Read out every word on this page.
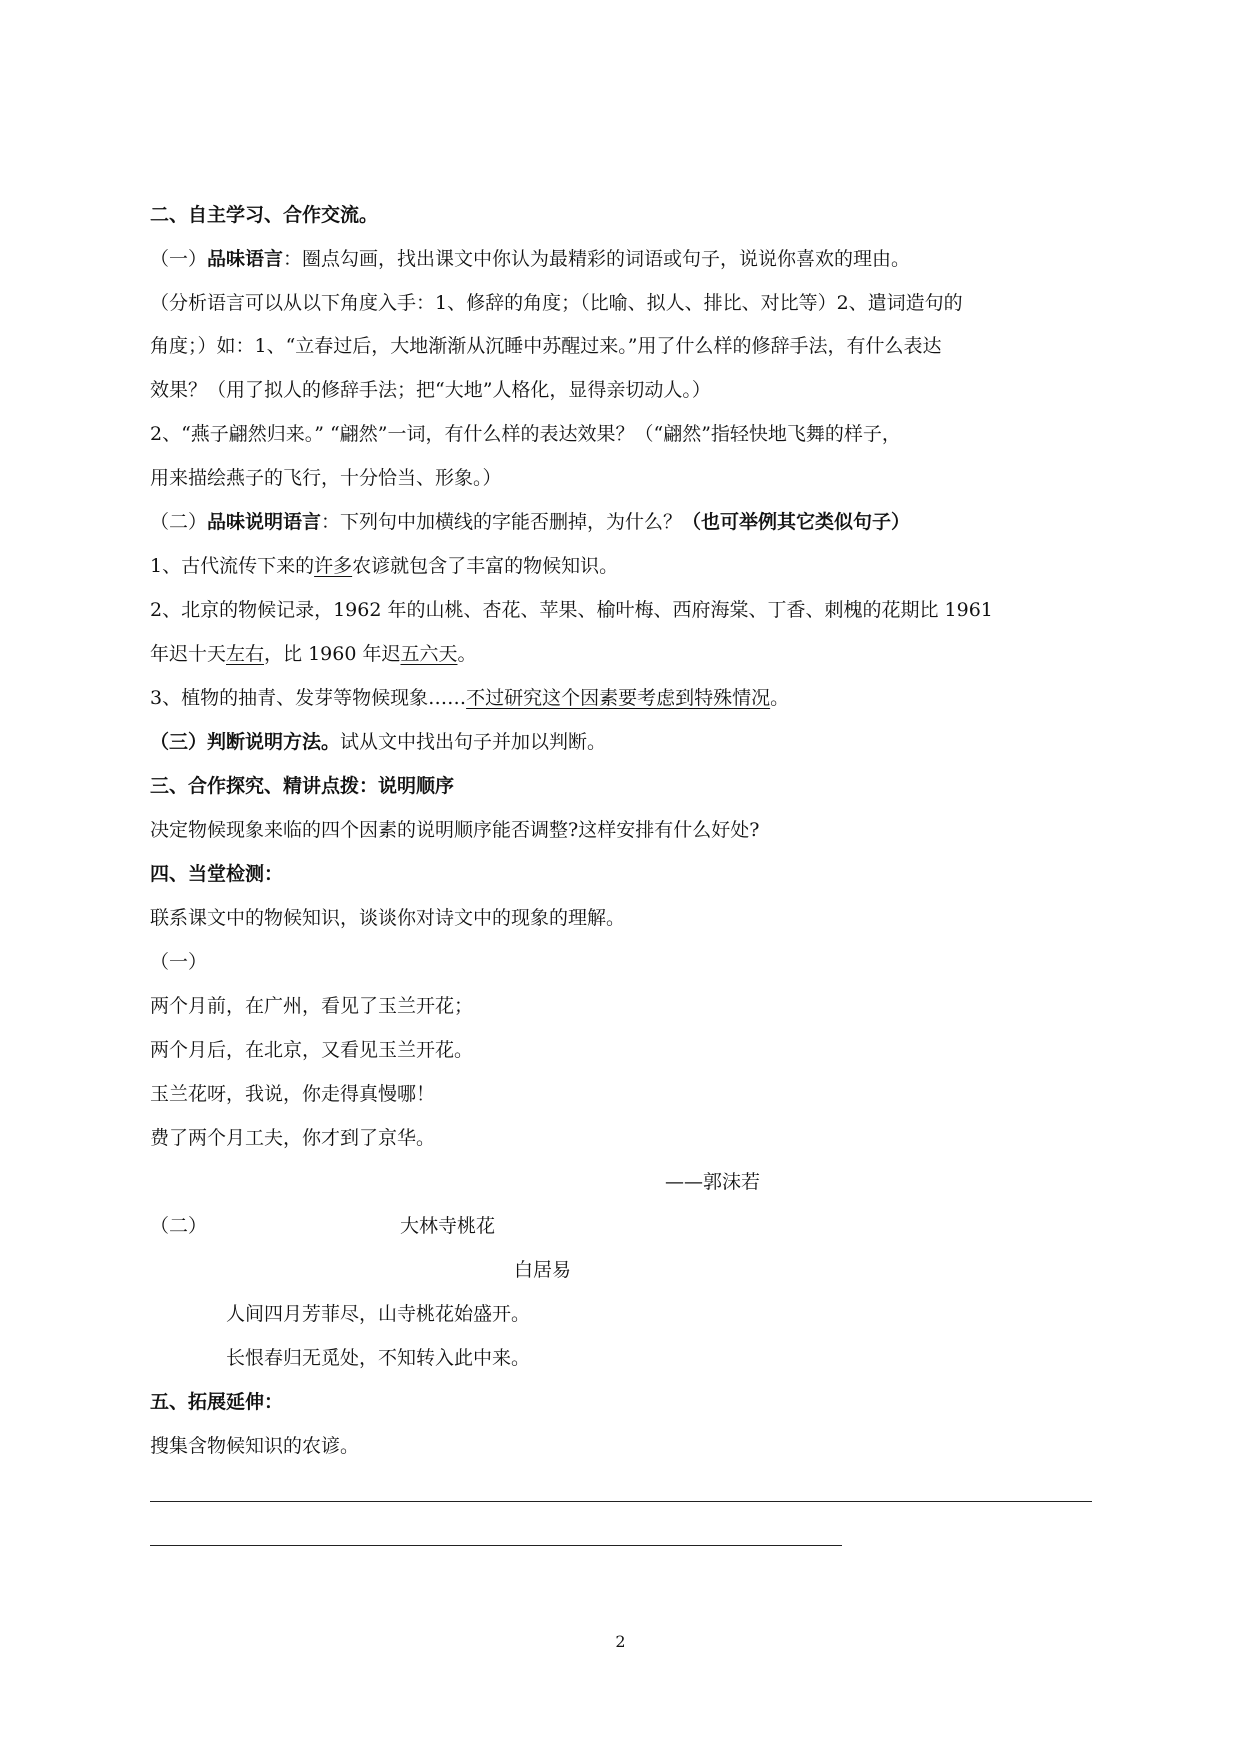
二、自主学习、合作交流。
（一）品味语言：圈点勾画，找出课文中你认为最精彩的词语或句子，说说你喜欢的理由。
（分析语言可以从以下角度入手：1、修辞的角度；（比喻、拟人、排比、对比等）2、遣词造句的
角度；）如：1、“立春过后，大地渐渐从沉睡中苏醒过来。”用了什么样的修辞手法，有什么表达
效果？（用了拟人的修辞手法；把“大地”人格化，显得亲切动人。）
2、“燕子翩然归来。” “翩然”一词，有什么样的表达效果？（“翩然”指轻快地飞舞的样子，
用来描绘燕子的飞行，十分恰当、形象。）
（二）品味说明语言：下列句中加横线的字能否删掉，为什么？（也可举例其它类似句子）
1、古代流传下来的许多农谚就包含了丰富的物候知识。
2、北京的物候记录，1962 年的山桃、杏花、苹果、榆叶梅、西府海棠、丁香、刺槐的花期比 1961
年迟十天左右，比 1960 年迟五六天。
3、植物的抽青、发芽等物候现象……不过研究这个因素要考虑到特殊情况。
（三）判断说明方法。试从文中找出句子并加以判断。
三、合作探究、精讲点拨：说明顺序
决定物候现象来临的四个因素的说明顺序能否调整?这样安排有什么好处?
四、当堂检测：
联系课文中的物候知识，谈谈你对诗文中的现象的理解。
（一）
两个月前，在广州，看见了玉兰开花；
两个月后，在北京，又看见玉兰开花。
玉兰花呀，我说，你走得真慢哪！
费了两个月工夫，你才到了京华。
——郭沫若
（二）	大林寺桃花
白居易
人间四月芳菲尽，山寺桃花始盛开。
长恨春归无觅处，不知转入此中来。
五、拓展延伸：
搜集含物候知识的农谚。
2
